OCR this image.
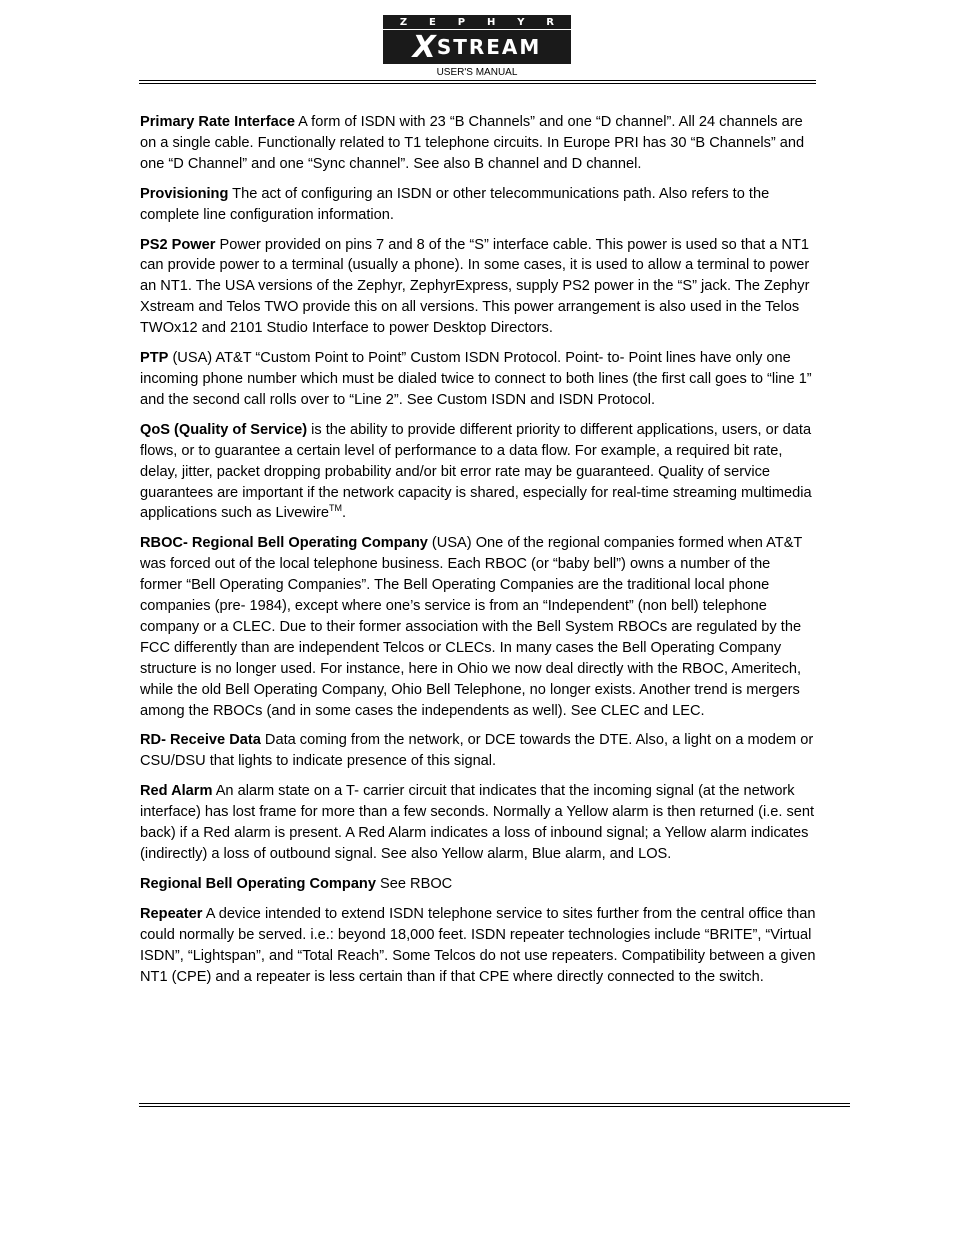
Z E P H Y R
X STREAM
USER'S MANUAL

Primary Rate Interface A form of ISDN with 23 “B Channels” and one “D channel”. All 24 channels are on a single cable. Functionally related to T1 telephone circuits. In Europe PRI has 30 “B Channels” and one “D Channel” and one “Sync channel”. See also B channel and D channel.

Provisioning The act of configuring an ISDN or other telecommunications path. Also refers to the complete line configuration information.

PS2 Power Power provided on pins 7 and 8 of the “S” interface cable. This power is used so that a NT1 can provide power to a terminal (usually a phone). In some cases, it is used to allow a terminal to power an NT1. The USA versions of the Zephyr, ZephyrExpress, supply PS2 power in the “S” jack. The Zephyr Xstream and Telos TWO provide this on all versions. This power arrangement is also used in the Telos TWOx12 and 2101 Studio Interface to power Desktop Directors.

PTP (USA) AT&T “Custom Point to Point” Custom ISDN Protocol. Point- to- Point lines have only one incoming phone number which must be dialed twice to connect to both lines (the first call goes to “line 1” and the second call rolls over to “Line 2”. See Custom ISDN and ISDN Protocol.

QoS (Quality of Service) is the ability to provide different priority to different applications, users, or data flows, or to guarantee a certain level of performance to a data flow. For example, a required bit rate, delay, jitter, packet dropping probability and/or bit error rate may be guaranteed. Quality of service guarantees are important if the network capacity is shared, especially for real-time streaming multimedia applications such as Livewire™.

RBOC- Regional Bell Operating Company (USA) One of the regional companies formed when AT&T was forced out of the local telephone business. Each RBOC (or “baby bell”) owns a number of the former “Bell Operating Companies”. The Bell Operating Companies are the traditional local phone companies (pre- 1984), except where one’s service is from an “Independent” (non bell) telephone company or a CLEC. Due to their former association with the Bell System RBOCs are regulated by the FCC differently than are independent Telcos or CLECs. In many cases the Bell Operating Company structure is no longer used. For instance, here in Ohio we now deal directly with the RBOC, Ameritech, while the old Bell Operating Company, Ohio Bell Telephone, no longer exists. Another trend is mergers among the RBOCs (and in some cases the independents as well). See CLEC and LEC.

RD- Receive Data Data coming from the network, or DCE towards the DTE. Also, a light on a modem or CSU/DSU that lights to indicate presence of this signal.

Red Alarm An alarm state on a T- carrier circuit that indicates that the incoming signal (at the network interface) has lost frame for more than a few seconds. Normally a Yellow alarm is then returned (i.e. sent back) if a Red alarm is present. A Red Alarm indicates a loss of inbound signal; a Yellow alarm indicates (indirectly) a loss of outbound signal. See also Yellow alarm, Blue alarm, and LOS.

Regional Bell Operating Company See RBOC

Repeater A device intended to extend ISDN telephone service to sites further from the central office than could normally be served. i.e.: beyond 18,000 feet. ISDN repeater technologies include “BRITE”, “Virtual ISDN”, “Lightspan”, and “Total Reach”. Some Telcos do not use repeaters. Compatibility between a given NT1 (CPE) and a repeater is less certain than if that CPE where directly connected to the switch.
